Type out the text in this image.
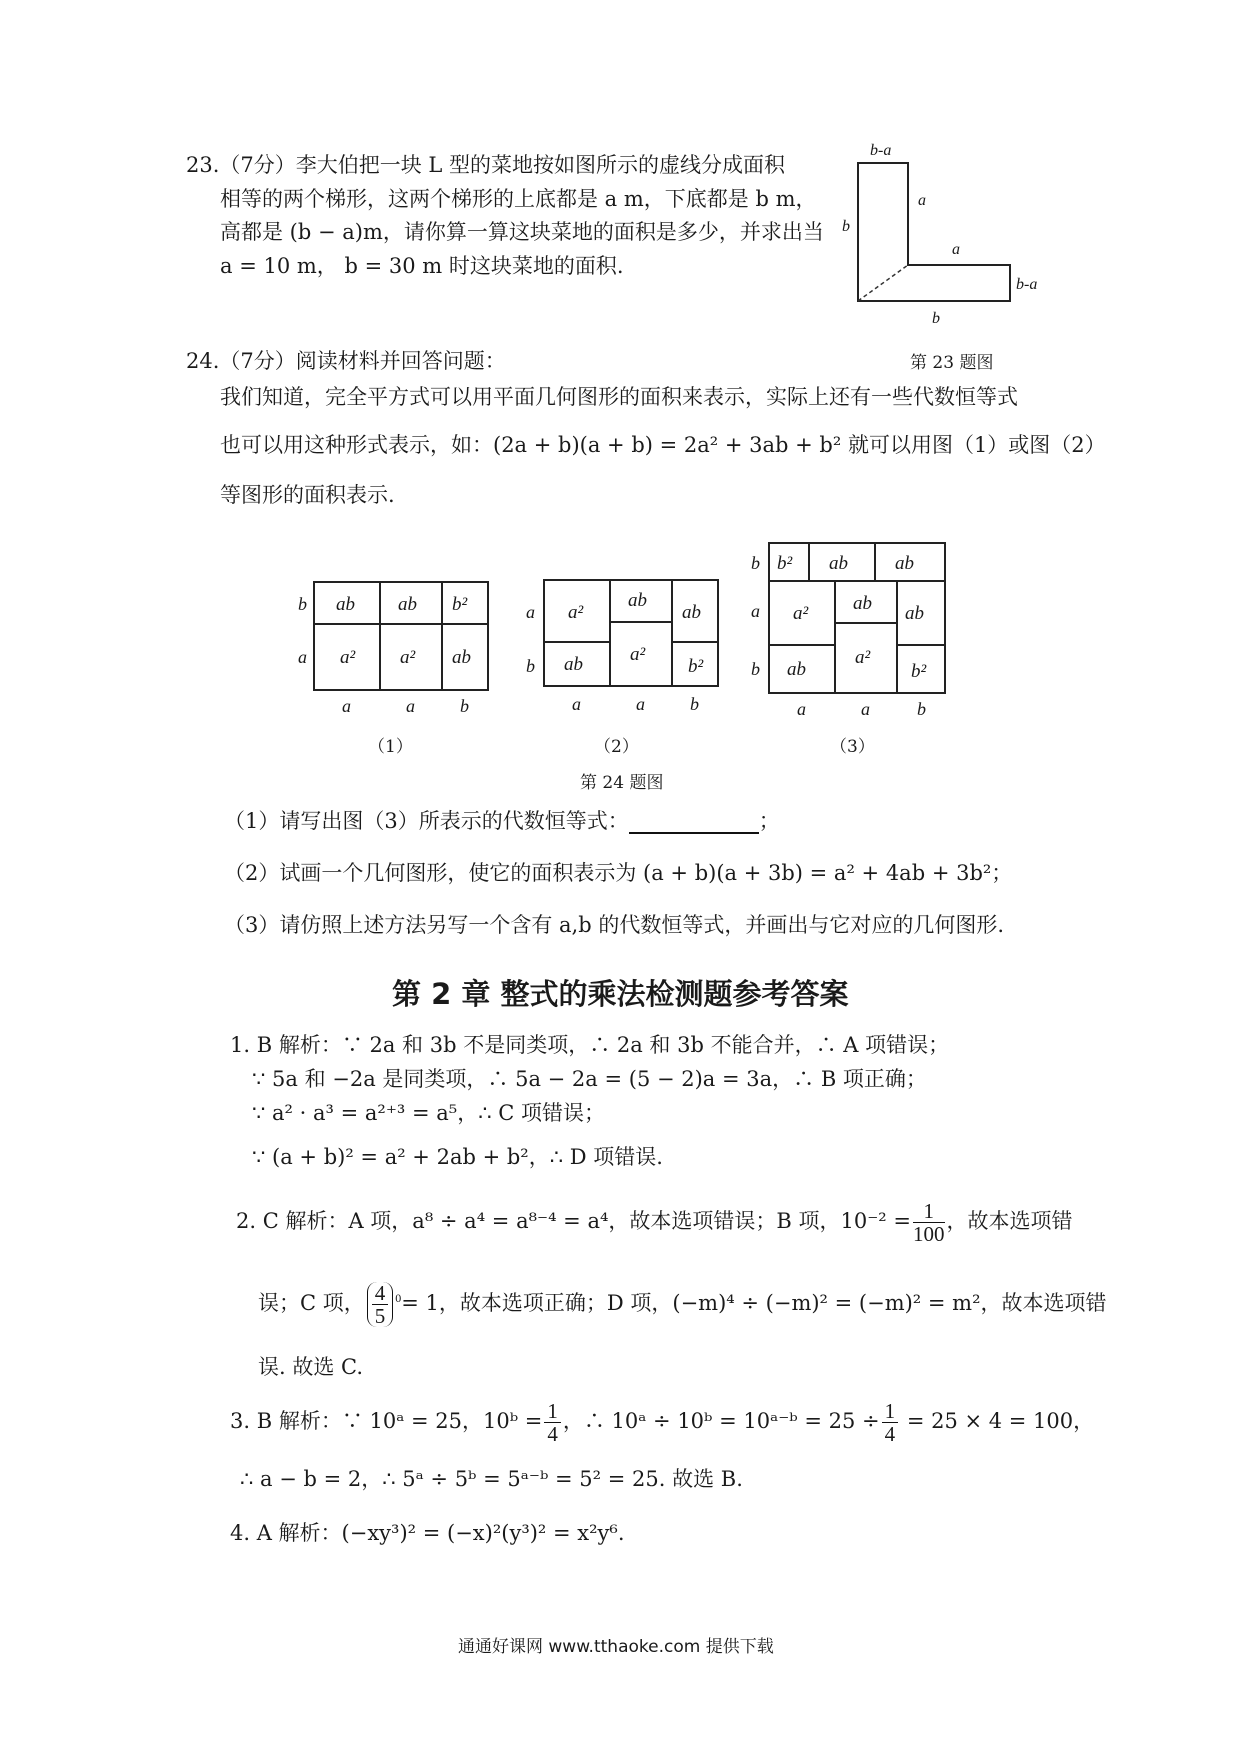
23.（7分）李大伯把一块 L 型的菜地按如图所示的虚线分成面积
相等的两个梯形，这两个梯形的上底都是 a m，下底都是 b m，
高都是 (b − a)m，请你算一算这块菜地的面积是多少，并求出当
a = 10 m， b = 30 m 时这块菜地的面积.
b-a
b
a
a
b-a
b
24.（7分）阅读材料并回答问题：	第 23 题图
我们知道，完全平方式可以用平面几何图形的面积来表示，实际上还有一些代数恒等式
也可以用这种形式表示，如：(2a + b)(a + b) = 2a² + 3ab + b² 就可以用图（1）或图（2）
等图形的面积表示.
ab ab b²
a² a² ab
b
a
a	a	b
a²
ab
ab
ab a²
b²
a
b
a	a	b
b² ab ab
a² ab ab
ab
a²
b²
b
a
b
a	a	b
（1）	（2）	（3）
第 24 题图
（1）请写出图（3）所表示的代数恒等式：	；
（2）试画一个几何图形，使它的面积表示为 (a + b)(a + 3b) = a² + 4ab + 3b²；
（3）请仿照上述方法另写一个含有 a,b 的代数恒等式，并画出与它对应的几何图形.
第 2 章 整式的乘法检测题参考答案
1. B 解析：∵ 2a 和 3b 不是同类项，∴ 2a 和 3b 不能合并，∴ A 项错误；
∵ 5a 和 −2a 是同类项，∴ 5a − 2a = (5 − 2)a = 3a，∴ B 项正确；
∵ a² · a³ = a²⁺³ = a⁵，∴ C 项错误；
∵ (a + b)² = a² + 2ab + b²，∴ D 项错误.
2. C 解析：A 项，a⁸ ÷ a⁴ = a⁸⁻⁴ = a⁴，故本选项错误；B 项，$10^{-2} = \frac{1}{100}$ ，故本选项错
误；C 项， $\frac{4}{5} ^0= 1$，故本选项正确；D 项，(−m)⁴ ÷ (−m)² = (−m)² = m²，故本选项错
误. 故选 C.
3. B 解析：∵ 10ᵃ = 25，10ᵇ = $\frac{1}{4}$ ，∴ 10ᵃ ÷ 10ᵇ = 10ᵃ⁻ᵇ = $25 \div \frac{1}{4} = 25 \times 4 = 100$，
∴ a − b = 2，∴ 5ᵃ ÷ 5ᵇ = 5ᵃ⁻ᵇ = 5² = 25. 故选 B.
4. A 解析：(−xy³)² = (−x)²(y³)² = x²y⁶.
通通好课网 www.tthaoke.com 提供下载
